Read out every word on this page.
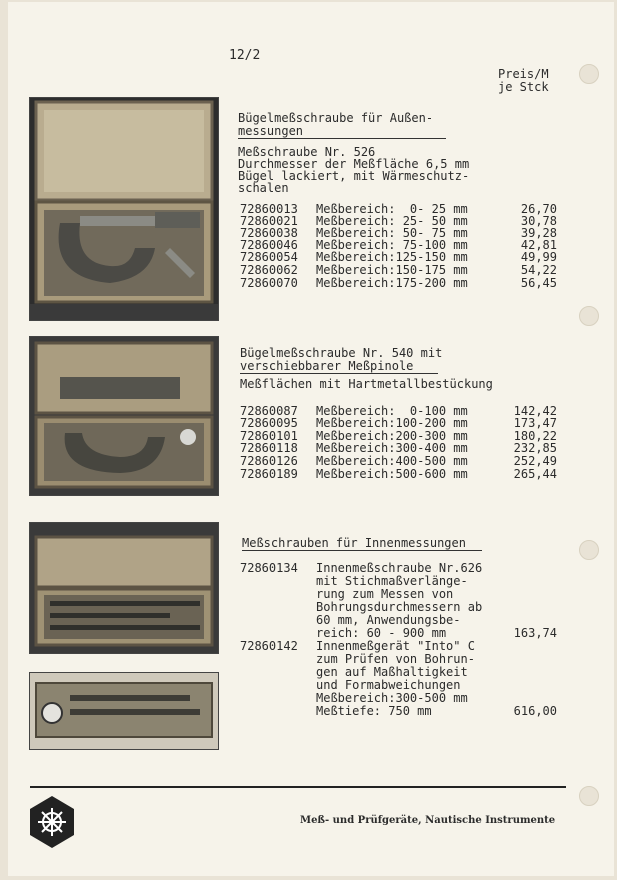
12/2
Preis/M
je Stck
Bügelmeßschraube für Außen-
messungen
Meßschraube Nr. 526
Durchmesser der Meßfläche 6,5 mm
Bügel lackiert, mit Wärmeschutz-
schalen
72860013 Meßbereich:  0- 25 mm	26,70
72860021 Meßbereich: 25- 50 mm	30,78
72860038 Meßbereich: 50- 75 mm	39,28
72860046 Meßbereich: 75-100 mm	42,81
72860054 Meßbereich:125-150 mm	49,99
72860062 Meßbereich:150-175 mm	54,22
72860070 Meßbereich:175-200 mm	56,45
Bügelmeßschraube Nr. 540 mit
verschiebbarer Meßpinole
Meßflächen mit Hartmetallbestückung
72860087 Meßbereich:  0-100 mm	142,42
72860095 Meßbereich:100-200 mm	173,47
72860101 Meßbereich:200-300 mm	180,22
72860118 Meßbereich:300-400 mm	232,85
72860126 Meßbereich:400-500 mm	252,49
72860189 Meßbereich:500-600 mm	265,44
Meßschrauben für Innenmessungen
72860134 Innenmeßschraube Nr.626
mit Stichmaßverlänge-
rung zum Messen von
Bohrungsdurchmessern ab
60 mm, Anwendungsbe-
reich: 60 - 900 mm	163,74
72860142 Innenmeßgerät "Into" C
zum Prüfen von Bohrun-
gen auf Maßhaltigkeit
und Formabweichungen
Meßbereich:300-500 mm
Meßtiefe: 750 mm	616,00
Meß- und Prüfgeräte, Nautische Instrumente
